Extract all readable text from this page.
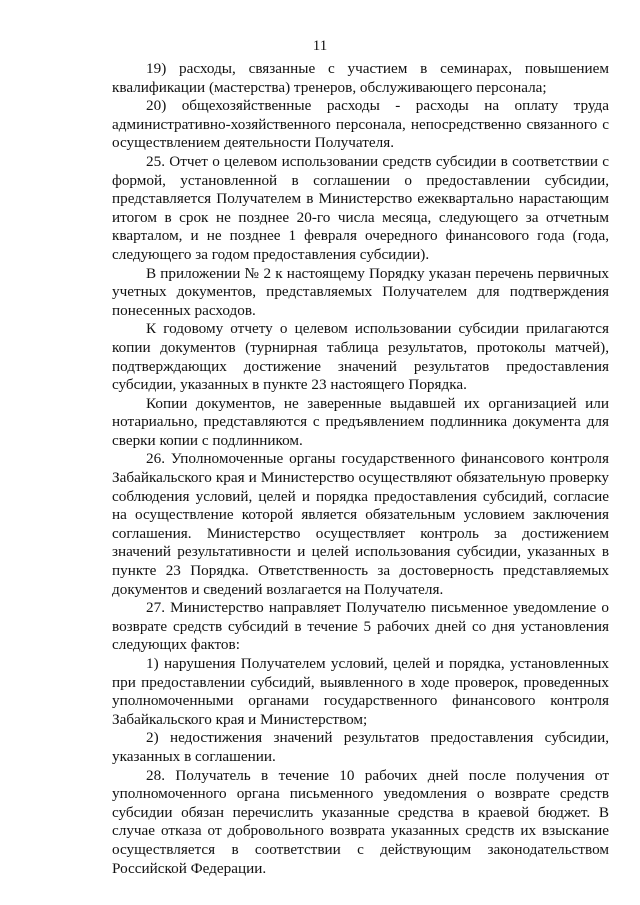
11

19) расходы, связанные с участием в семинарах, повышением квалификации (мастерства) тренеров, обслуживающего персонала;

20) общехозяйственные расходы - расходы на оплату труда административно-хозяйственного персонала, непосредственно связанного с осуществлением деятельности Получателя.

25. Отчет о целевом использовании средств субсидии в соответствии с формой, установленной в соглашении о предоставлении субсидии, представляется Получателем в Министерство ежеквартально нарастающим итогом в срок не позднее 20-го числа месяца, следующего за отчетным кварталом, и не позднее 1 февраля очередного финансового года (года, следующего за годом предоставления субсидии).

В приложении № 2 к настоящему Порядку указан перечень первичных учетных документов, представляемых Получателем для подтверждения понесенных расходов.

К годовому отчету о целевом использовании субсидии прилагаются копии документов (турнирная таблица результатов, протоколы матчей), подтверждающих достижение значений результатов предоставления субсидии, указанных в пункте 23 настоящего Порядка.

Копии документов, не заверенные выдавшей их организацией или нотариально, представляются с предъявлением подлинника документа для сверки копии с подлинником.

26. Уполномоченные органы государственного финансового контроля Забайкальского края и Министерство осуществляют обязательную проверку соблюдения условий, целей и порядка предоставления субсидий, согласие на осуществление которой является обязательным условием заключения соглашения. Министерство осуществляет контроль за достижением значений результативности и целей использования субсидии, указанных в пункте 23 Порядка. Ответственность за достоверность представляемых документов и сведений возлагается на Получателя.

27. Министерство направляет Получателю письменное уведомление о возврате средств субсидий в течение 5 рабочих дней со дня установления следующих фактов:

1) нарушения Получателем условий, целей и порядка, установленных при предоставлении субсидий, выявленного в ходе проверок, проведенных уполномоченными органами государственного финансового контроля Забайкальского края и Министерством;

2) недостижения значений результатов предоставления субсидии, указанных в соглашении.

28. Получатель в течение 10 рабочих дней после получения от уполномоченного органа письменного уведомления о возврате средств субсидии обязан перечислить указанные средства в краевой бюджет. В случае отказа от добровольного возврата указанных средств их взыскание осуществляется в соответствии с действующим законодательством Российской Федерации.
